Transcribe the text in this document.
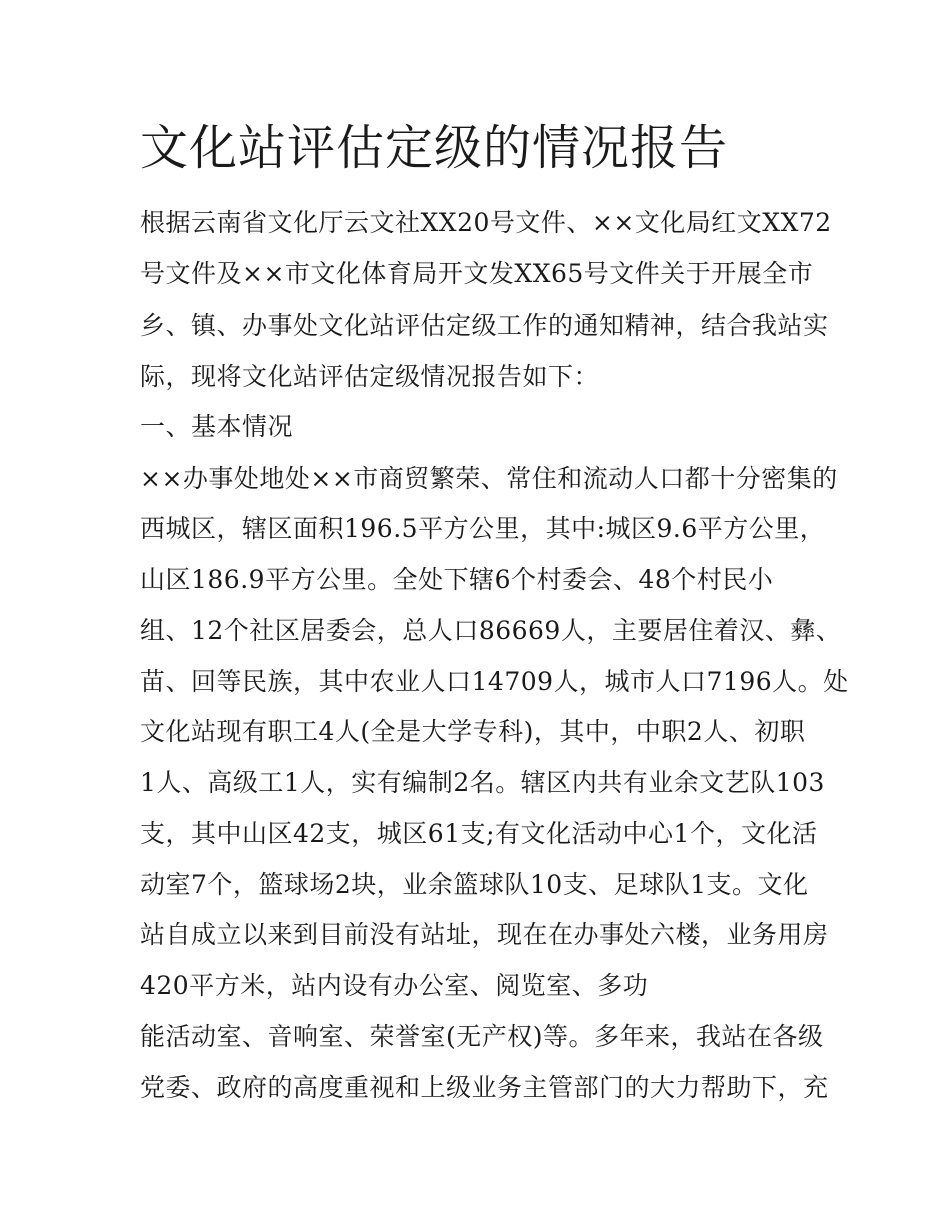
文化站评估定级的情况报告
根据云南省文化厅云文社XX20号文件、××文化局红文XX72
号文件及××市文化体育局开文发XX65号文件关于开展全市
乡、镇、办事处文化站评估定级工作的通知精神，结合我站实
际，现将文化站评估定级情况报告如下：
一、基本情况
××办事处地处××市商贸繁荣、常住和流动人口都十分密集的
西城区，辖区面积196.5平方公里，其中:城区9.6平方公里，
山区186.9平方公里。全处下辖6个村委会、48个村民小
组、12个社区居委会，总人口86669人，主要居住着汉、彝、
苗、回等民族，其中农业人口14709人，城市人口7196人。处
文化站现有职工4人(全是大学专科)，其中，中职2人、初职
1人、高级工1人，实有编制2名。辖区内共有业余文艺队103
支，其中山区42支，城区61支;有文化活动中心1个，文化活
动室7个，篮球场2块，业余篮球队10支、足球队1支。文化
站自成立以来到目前没有站址，现在在办事处六楼，业务用房
420平方米，站内设有办公室、阅览室、多功
能活动室、音响室、荣誉室(无产权)等。多年来，我站在各级
党委、政府的高度重视和上级业务主管部门的大力帮助下，充
